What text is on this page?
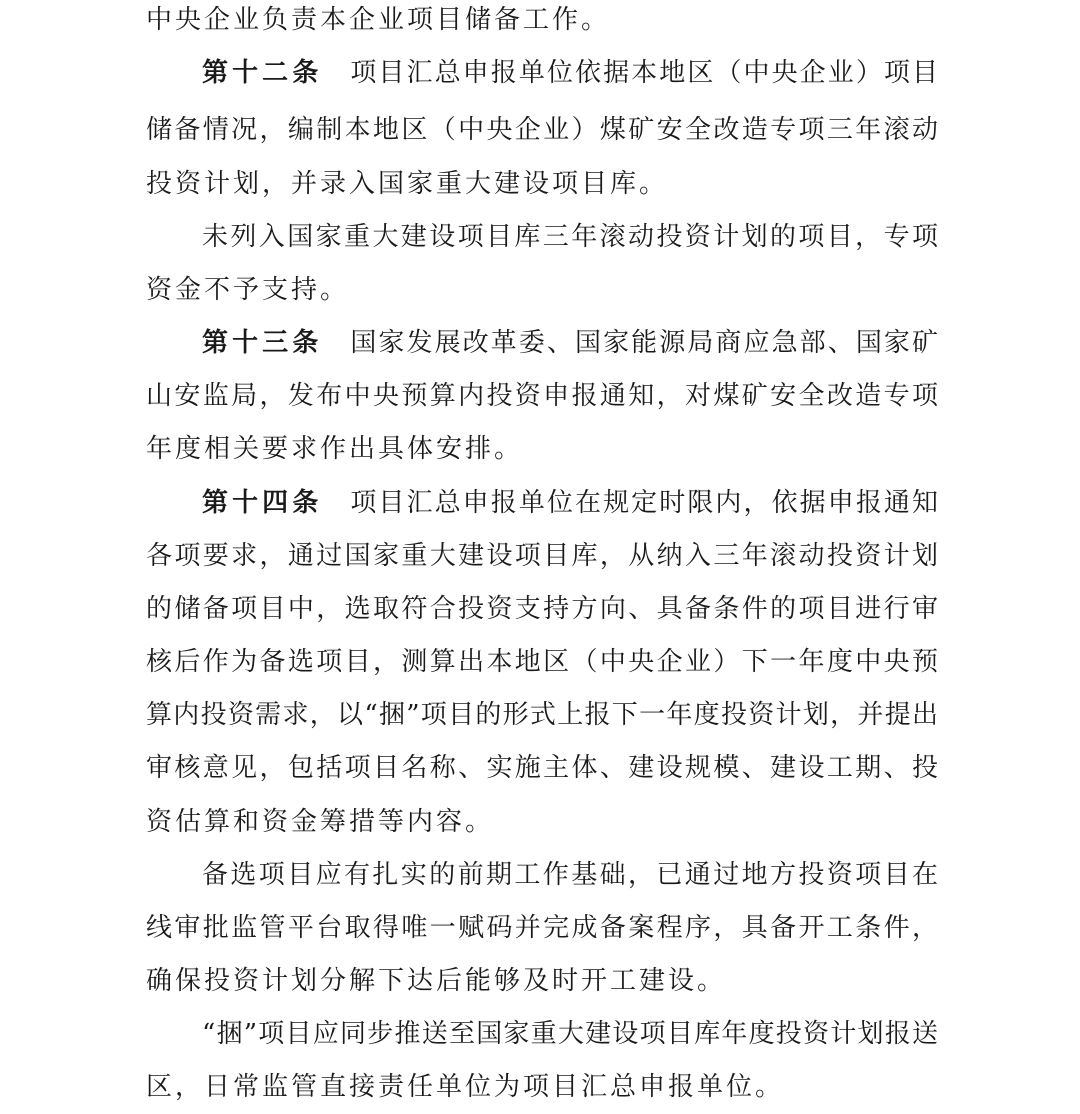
中央企业负责本企业项目储备工作。
第十二条 项目汇总申报单位依据本地区（中央企业）项目
储备情况，编制本地区（中央企业）煤矿安全改造专项三年滚动
投资计划，并录入国家重大建设项目库。
未列入国家重大建设项目库三年滚动投资计划的项目，专项
资金不予支持。
第十三条 国家发展改革委、国家能源局商应急部、国家矿
山安监局，发布中央预算内投资申报通知，对煤矿安全改造专项
年度相关要求作出具体安排。
第十四条 项目汇总申报单位在规定时限内，依据申报通知
各项要求，通过国家重大建设项目库，从纳入三年滚动投资计划
的储备项目中，选取符合投资支持方向、具备条件的项目进行审
核后作为备选项目，测算出本地区（中央企业）下一年度中央预
算内投资需求，以“捆”项目的形式上报下一年度投资计划，并提出
审核意见，包括项目名称、实施主体、建设规模、建设工期、投
资估算和资金筹措等内容。
备选项目应有扎实的前期工作基础，已通过地方投资项目在
线审批监管平台取得唯一赋码并完成备案程序，具备开工条件，
确保投资计划分解下达后能够及时开工建设。
“捆”项目应同步推送至国家重大建设项目库年度投资计划报送
区，日常监管直接责任单位为项目汇总申报单位。
